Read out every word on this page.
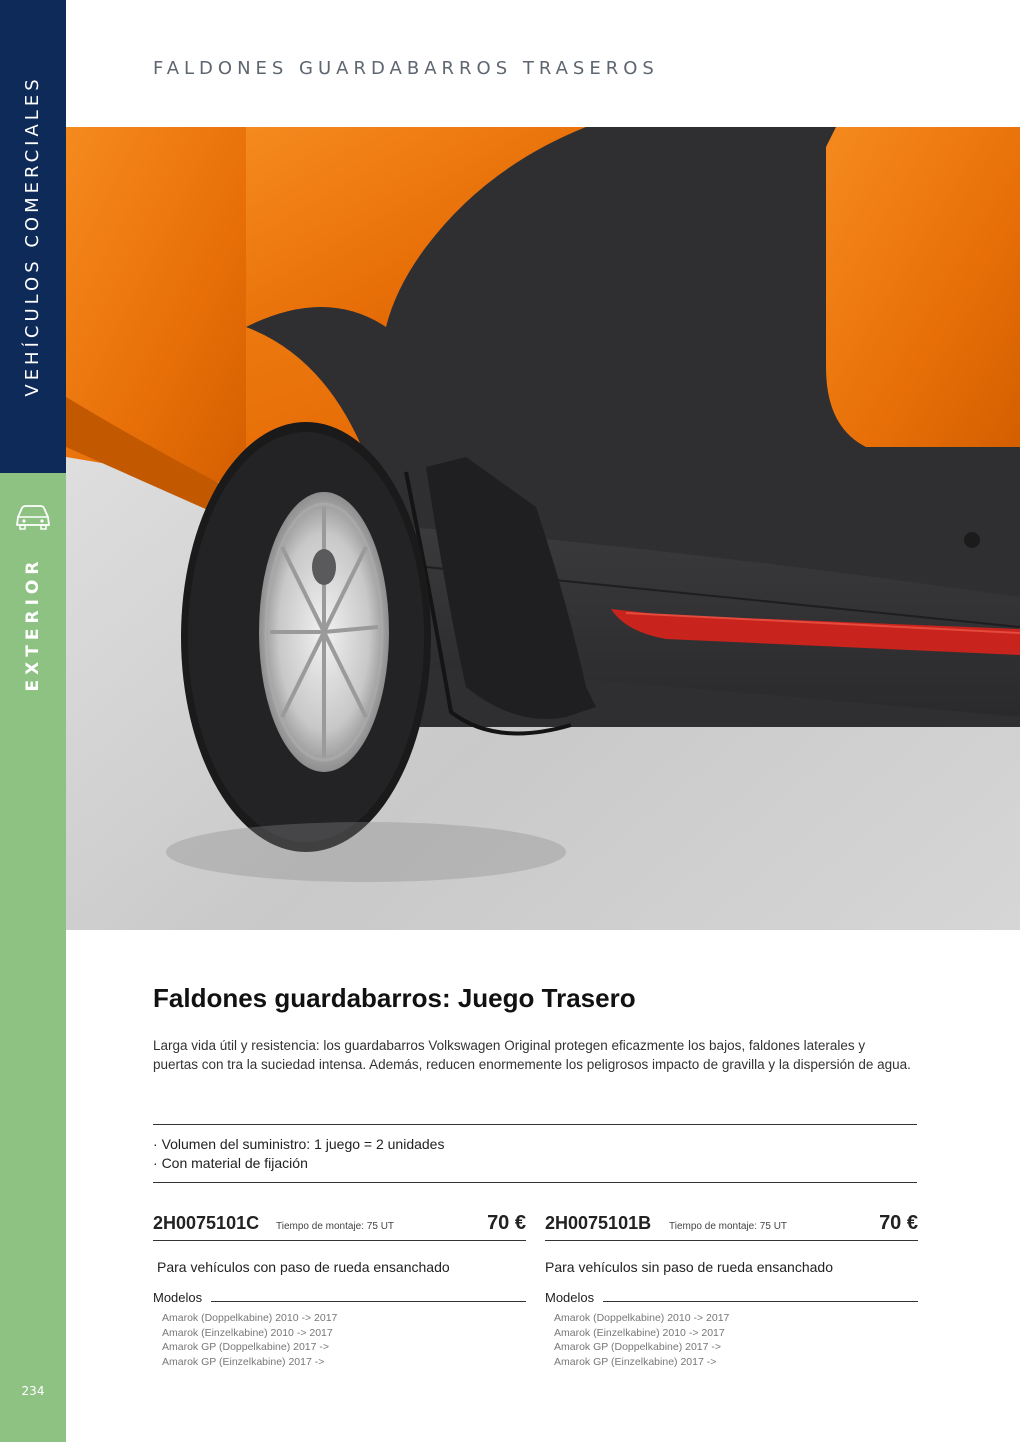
VEHÍCULOS COMERCIALES
EXTERIOR
234
FALDONES GUARDABARROS TRASEROS
Faldones guardabarros: Juego Trasero
Larga vida útil y resistencia: los guardabarros Volkswagen Original protegen eficazmente los bajos, faldones laterales y puertas con tra la suciedad intensa. Además, reducen enormemente los peligrosos impacto de gravilla y la dispersión de agua.
· Volumen del suministro: 1 juego = 2 unidades
· Con material de fijación
2H0075101C Tiempo de montaje: 75 UT	70 €
Para vehículos con paso de rueda ensanchado
Modelos
Amarok (Doppelkabine) 2010 -> 2017
Amarok (Einzelkabine) 2010 -> 2017
Amarok GP (Doppelkabine) 2017 ->
Amarok GP (Einzelkabine) 2017 ->
2H0075101B Tiempo de montaje: 75 UT	70 €
Para vehículos sin paso de rueda ensanchado
Modelos
Amarok (Doppelkabine) 2010 -> 2017
Amarok (Einzelkabine) 2010 -> 2017
Amarok GP (Doppelkabine) 2017 ->
Amarok GP (Einzelkabine) 2017 ->
